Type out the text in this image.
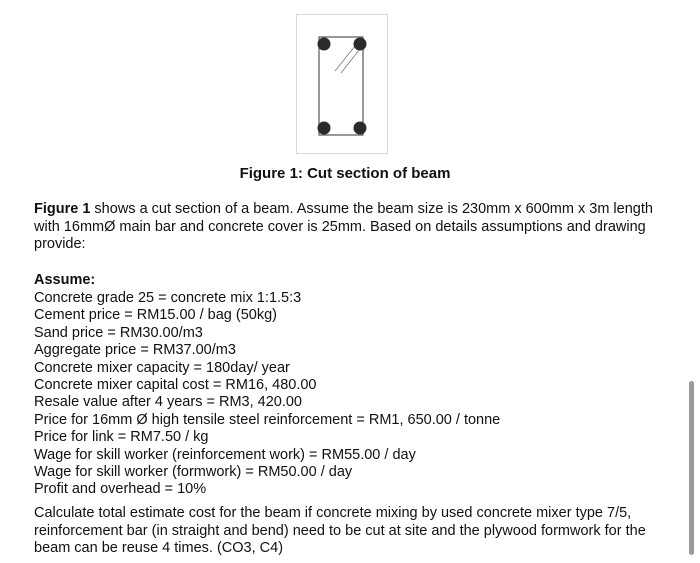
Figure 1: Cut section of beam
Figure 1 shows a cut section of a beam. Assume the beam size is 230mm x 600mm x 3m length with 16mmØ main bar and concrete cover is 25mm. Based on details assumptions and drawing provide:
Assume:
Concrete grade 25 = concrete mix 1:1.5:3
Cement price = RM15.00 / bag (50kg)
Sand price = RM30.00/m3
Aggregate price = RM37.00/m3
Concrete mixer capacity = 180day/ year
Concrete mixer capital cost = RM16, 480.00
Resale value after 4 years = RM3, 420.00
Price for 16mm Ø high tensile steel reinforcement = RM1, 650.00 / tonne
Price for link = RM7.50 / kg
Wage for skill worker (reinforcement work) = RM55.00 / day
Wage for skill worker (formwork) = RM50.00 / day
Profit and overhead = 10%
Calculate total estimate cost for the beam if concrete mixing by used concrete mixer type 7/5, reinforcement bar (in straight and bend) need to be cut at site and the plywood formwork for the beam can be reuse 4 times. (CO3, C4)
